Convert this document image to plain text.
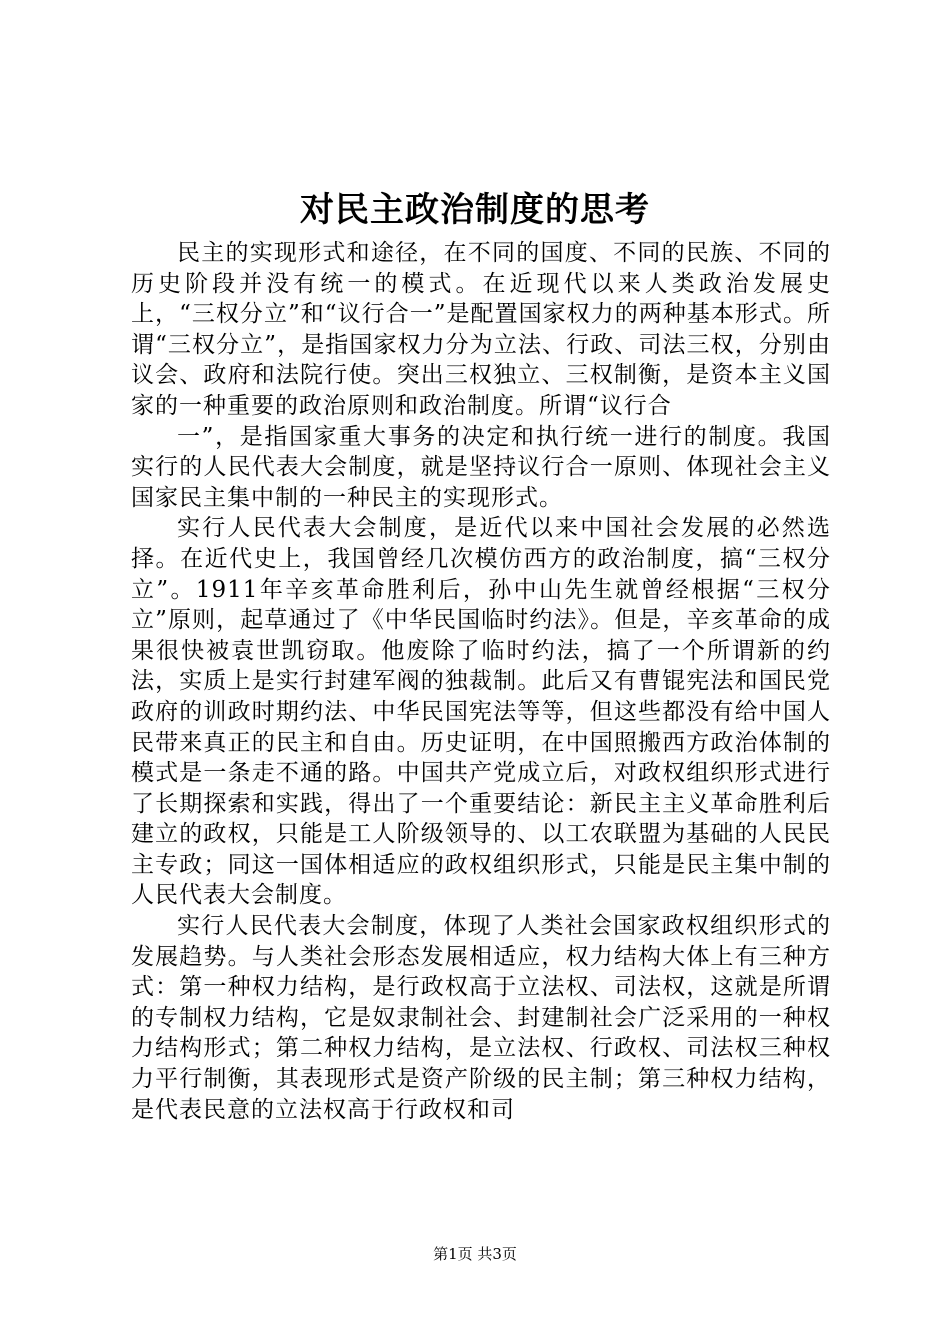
对民主政治制度的思考

民主的实现形式和途径，在不同的国度、不同的民族、不同的历史阶段并没有统一的模式。在近现代以来人类政治发展史上，“三权分立”和“议行合一”是配置国家权力的两种基本形式。所谓“三权分立”，是指国家权力分为立法、行政、司法三权，分别由议会、政府和法院行使。突出三权独立、三权制衡，是资本主义国家的一种重要的政治原则和政治制度。所谓“议行合

一”，是指国家重大事务的决定和执行统一进行的制度。我国实行的人民代表大会制度，就是坚持议行合一原则、体现社会主义国家民主集中制的一种民主的实现形式。

实行人民代表大会制度，是近代以来中国社会发展的必然选择。在近代史上，我国曾经几次模仿西方的政治制度，搞“三权分立”。1911年辛亥革命胜利后，孙中山先生就曾经根据“三权分立”原则，起草通过了《中华民国临时约法》。但是，辛亥革命的成果很快被袁世凯窃取。他废除了临时约法，搞了一个所谓新的约法，实质上是实行封建军阀的独裁制。此后又有曹锟宪法和国民党政府的训政时期约法、中华民国宪法等等，但这些都没有给中国人民带来真正的民主和自由。历史证明，在中国照搬西方政治体制的模式是一条走不通的路。中国共产党成立后，对政权组织形式进行了长期探索和实践，得出了一个重要结论：新民主主义革命胜利后建立的政权，只能是工人阶级领导的、以工农联盟为基础的人民民主专政；同这一国体相适应的政权组织形式，只能是民主集中制的人民代表大会制度。

实行人民代表大会制度，体现了人类社会国家政权组织形式的发展趋势。与人类社会形态发展相适应，权力结构大体上有三种方式：第一种权力结构，是行政权高于立法权、司法权，这就是所谓的专制权力结构，它是奴隶制社会、封建制社会广泛采用的一种权力结构形式；第二种权力结构，是立法权、行政权、司法权三种权力平行制衡，其表现形式是资产阶级的民主制；第三种权力结构，是代表民意的立法权高于行政权和司

第1页 共3页
